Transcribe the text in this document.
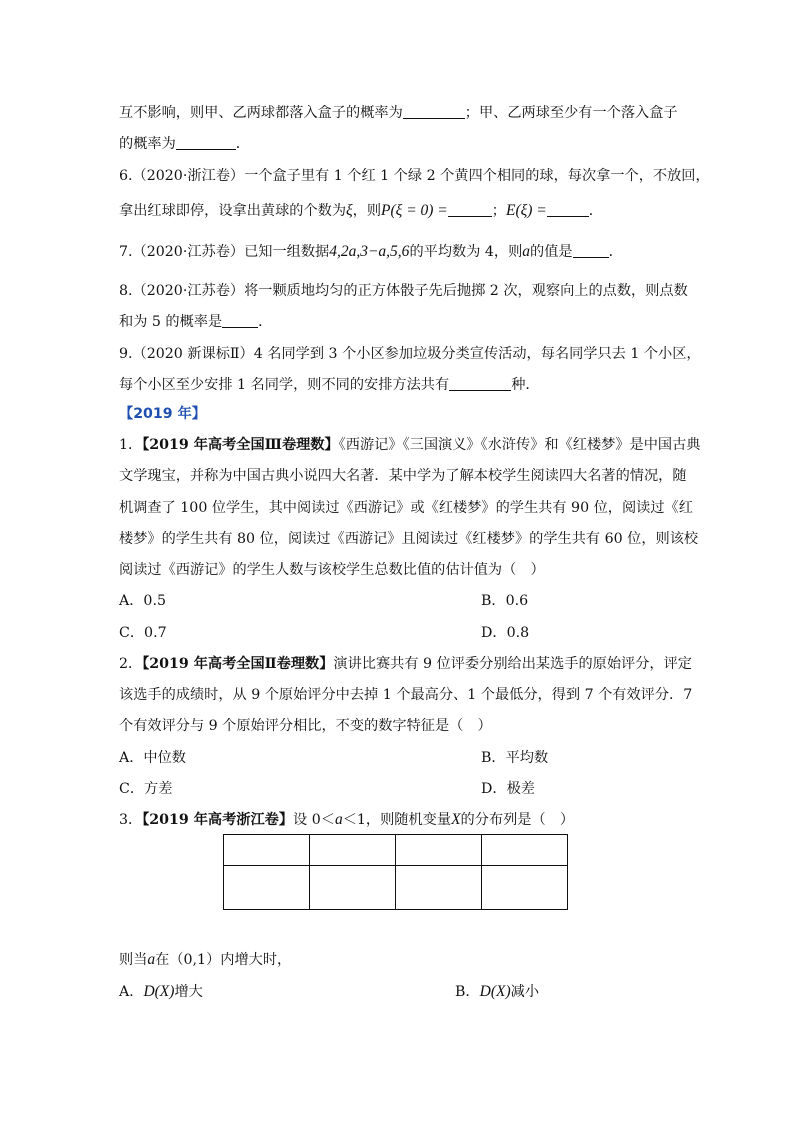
互不影响，则甲、乙两球都落入盒子的概率为	；甲、乙两球至少有一个落入盒子
的概率为	．
6.（2020·浙江卷）一个盒子里有 1 个红 1 个绿 2 个黄四个相同的球，每次拿一个，不放回，
拿出红球即停，设拿出黄球的个数为ξ，则P(ξ = 0) =	；E(ξ) =	．
7.（2020·江苏卷）已知一组数据4,2a,3−a,5,6的平均数为 4，则a的值是	．
8.（2020·江苏卷）将一颗质地均匀的正方体骰子先后抛掷 2 次，观察向上的点数，则点数
和为 5 的概率是	．
9.（2020 新课标Ⅱ）4 名同学到 3 个小区参加垃圾分类宣传活动，每名同学只去 1 个小区，
每个小区至少安排 1 名同学，则不同的安排方法共有	种．
【2019 年】
1．【2019 年高考全国Ⅲ卷理数】《西游记》《三国演义》《水浒传》和《红楼梦》是中国古典
文学瑰宝，并称为中国古典小说四大名著．某中学为了解本校学生阅读四大名著的情况，随
机调查了 100 位学生，其中阅读过《西游记》或《红楼梦》的学生共有 90 位，阅读过《红
楼梦》的学生共有 80 位，阅读过《西游记》且阅读过《红楼梦》的学生共有 60 位，则该校
阅读过《西游记》的学生人数与该校学生总数比值的估计值为（　）
A．0.5	B．0.6
C．0.7	D．0.8
2．【2019 年高考全国Ⅱ卷理数】演讲比赛共有 9 位评委分别给出某选手的原始评分，评定
该选手的成绩时，从 9 个原始评分中去掉 1 个最高分、1 个最低分，得到 7 个有效评分．7
个有效评分与 9 个原始评分相比，不变的数字特征是（　）
A．中位数	B．平均数
C．方差	D．极差
3．【2019 年高考浙江卷】设 0＜a＜1，则随机变量X的分布列是（　）

则当a在（0,1）内增大时，
A．D(X)增大	B．D(X)减小
